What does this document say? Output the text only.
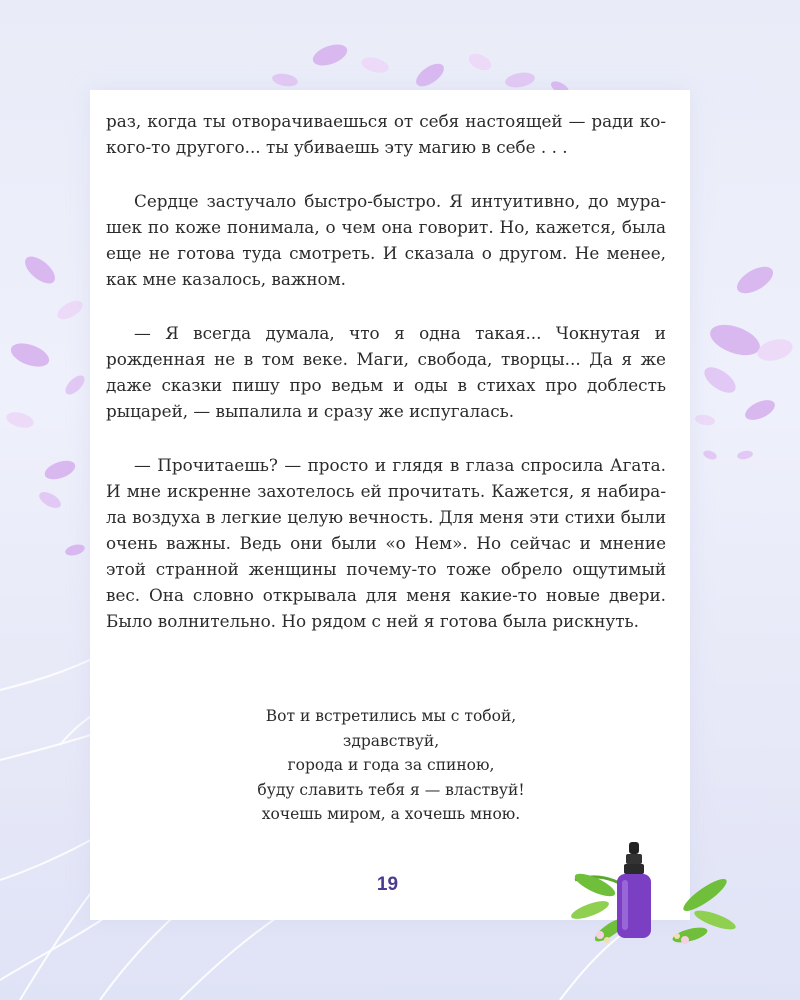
раз, когда ты отворачиваешься от себя настоящей — ради ко- кого-то другого... ты убиваешь эту магию в себе . . .

Сердце застучало быстро-быстро. Я интуитивно, до мура- шек по коже понимала, о чем она говорит. Но, кажется, была еще не готова туда смотреть. И сказала о другом. Не менее, как мне казалось, важном.

— Я всегда думала, что я одна такая... Чокнутая и рожденная не в том веке. Маги, свобода, творцы... Да я же даже сказки пишу про ведьм и оды в стихах про доблесть рыцарей, — выпалила и сразу же испугалась.

— Прочитаешь? — просто и глядя в глаза спросила Агата. И мне искренне захотелось ей прочитать. Кажется, я набира- ла воздуха в легкие целую вечность. Для меня эти стихи были очень важны. Ведь они были «о Нем». Но сейчас и мнение этой странной женщины почему-то тоже обрело ощутимый вес. Она словно открывала для меня какие-то новые двери. Было волнительно. Но рядом с ней я готова была рискнуть.

Вот и встретились мы с тобой,
здравствуй,
города и года за спиною,
буду славить тебя я — властвуй!
хочешь миром, а хочешь мною.
19
